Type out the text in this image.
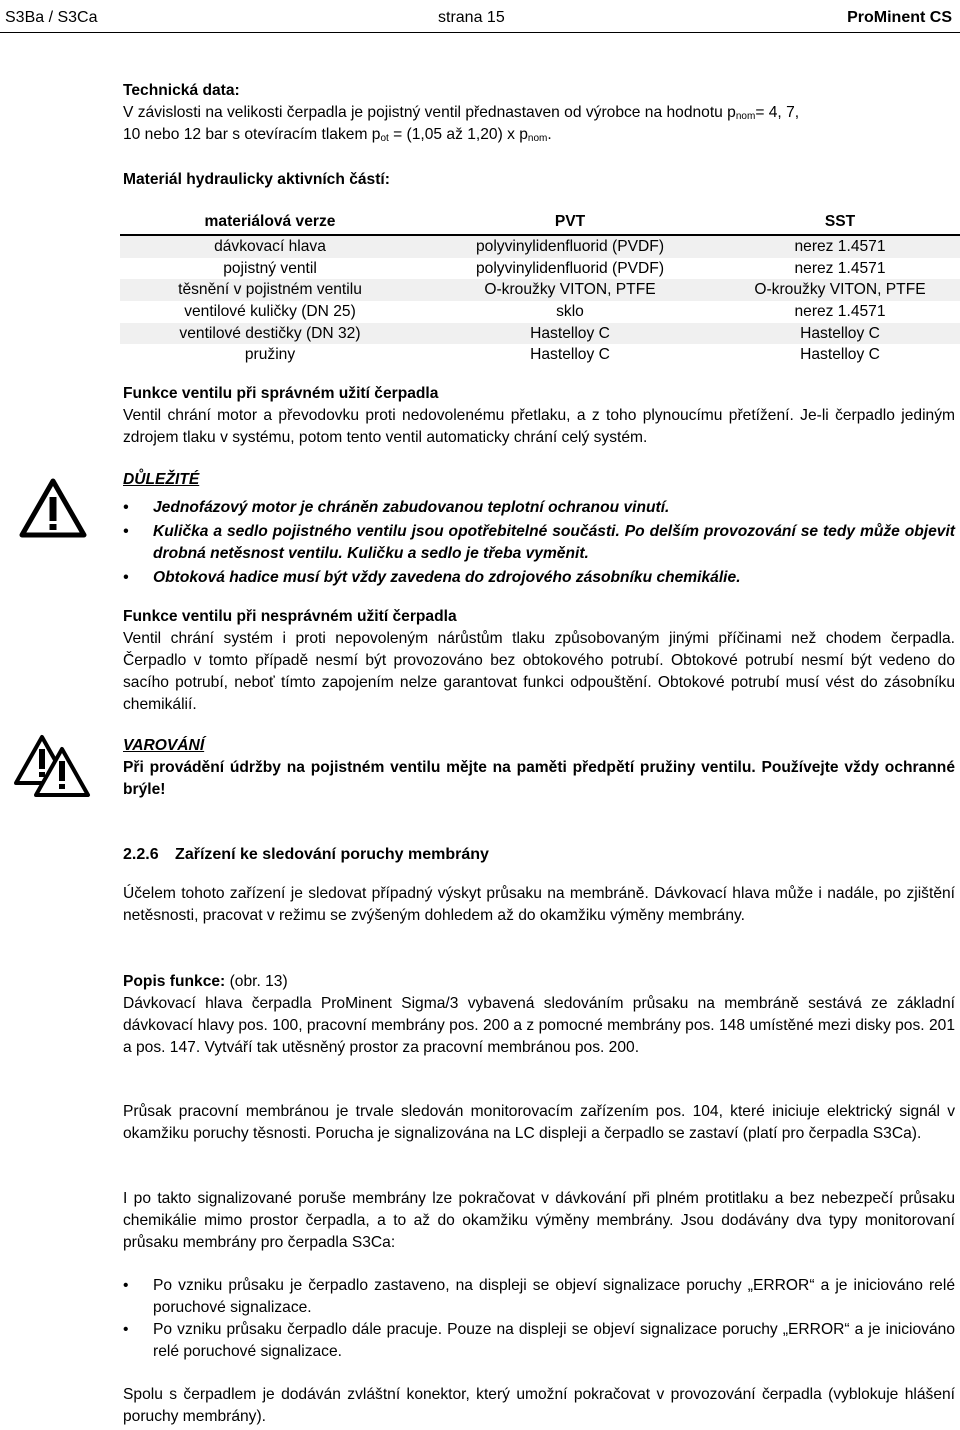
S3Ba / S3Ca	strana 15	ProMinent CS
Technická data:
V závislosti na velikosti čerpadla je pojistný ventil přednastaven od výrobce na hodnotu $p_{nom}= 4$, 7,
10 nebo 12 bar s otevíracím tlakem $p_{ot} = (1,05$ až 1,20) x $p_{nom}$.
Materiál hydraulicky aktivních částí:
materiálová verze	PVT	SST
dávkovací hlava	polyvinylidenfluorid (PVDF)	nerez 1.4571
pojistný ventil	polyvinylidenfluorid (PVDF)	nerez 1.4571
těsnění v pojistném ventilu	O-kroužky VITON, PTFE	O-kroužky VITON, PTFE
ventilové kuličky (DN 25)	sklo	nerez 1.4571
ventilové destičky (DN 32)	Hastelloy C	Hastelloy C
pružiny	Hastelloy C	Hastelloy C
Funkce ventilu při správném užití čerpadla
Ventil chrání motor a převodovku proti nedovolenému přetlaku, a z toho plynoucímu přetížení. Je-li čerpadlo jediným zdrojem tlaku v systému, potom tento ventil automaticky chrání celý systém.
DŮLEŽITÉ
• Jednofázový motor je chráněn zabudovanou teplotní ochranou vinutí.
• Kulička a sedlo pojistného ventilu jsou opotřebitelné součásti. Po delším provozování se tedy může objevit drobná netěsnost ventilu. Kuličku a sedlo je třeba vyměnit.
• Obtoková hadice musí být vždy zavedena do zdrojového zásobníku chemikálie.
Funkce ventilu při nesprávném užití čerpadla
Ventil chrání systém i proti nepovoleným nárůstům tlaku způsobovaným jinými příčinami než chodem čerpadla. Čerpadlo v tomto případě nesmí být provozováno bez obtokového potrubí. Obtokové potrubí nesmí být vedeno do sacího potrubí, neboť tímto zapojením nelze garantovat funkci odpouštění. Obtokové potrubí musí vést do zásobníku chemikálií.
VAROVÁNÍ
Při provádění údržby na pojistném ventilu mějte na paměti předpětí pružiny ventilu. Používejte vždy ochranné brýle!
2.2.6 Zařízení ke sledování poruchy membrány
Účelem tohoto zařízení je sledovat případný výskyt průsaku na membráně. Dávkovací hlava může i nadále, po zjištění netěsnosti, pracovat v režimu se zvýšeným dohledem až do okamžiku výměny membrány.
Popis funkce: (obr. 13)
Dávkovací hlava čerpadla ProMinent Sigma/3 vybavená sledováním průsaku na membráně sestává ze základní dávkovací hlavy pos. 100, pracovní membrány pos. 200 a z pomocné membrány pos. 148 umístěné mezi disky pos. 201 a pos. 147. Vytváří tak utěsněný prostor za pracovní membránou pos. 200.
Průsak pracovní membránou je trvale sledován monitorovacím zařízením pos. 104, které iniciuje elektrický signál v okamžiku poruchy těsnosti. Porucha je signalizována na LC displeji a čerpadlo se zastaví (platí pro čerpadla S3Ca).
I po takto signalizované poruše membrány lze pokračovat v dávkování při plném protitlaku a bez nebezpečí průsaku chemikálie mimo prostor čerpadla, a to až do okamžiku výměny membrány. Jsou dodávány dva typy monitorovaní průsaku membrány pro čerpadla S3Ca:
• Po vzniku průsaku je čerpadlo zastaveno, na displeji se objeví signalizace poruchy „ERROR“ a je iniciováno relé poruchové signalizace.
• Po vzniku průsaku čerpadlo dále pracuje. Pouze na displeji se objeví signalizace poruchy „ERROR“ a je iniciováno relé poruchové signalizace.
Spolu s čerpadlem je dodáván zvláštní konektor, který umožní pokračovat v provozování čerpadla (vyblokuje hlášení poruchy membrány).
